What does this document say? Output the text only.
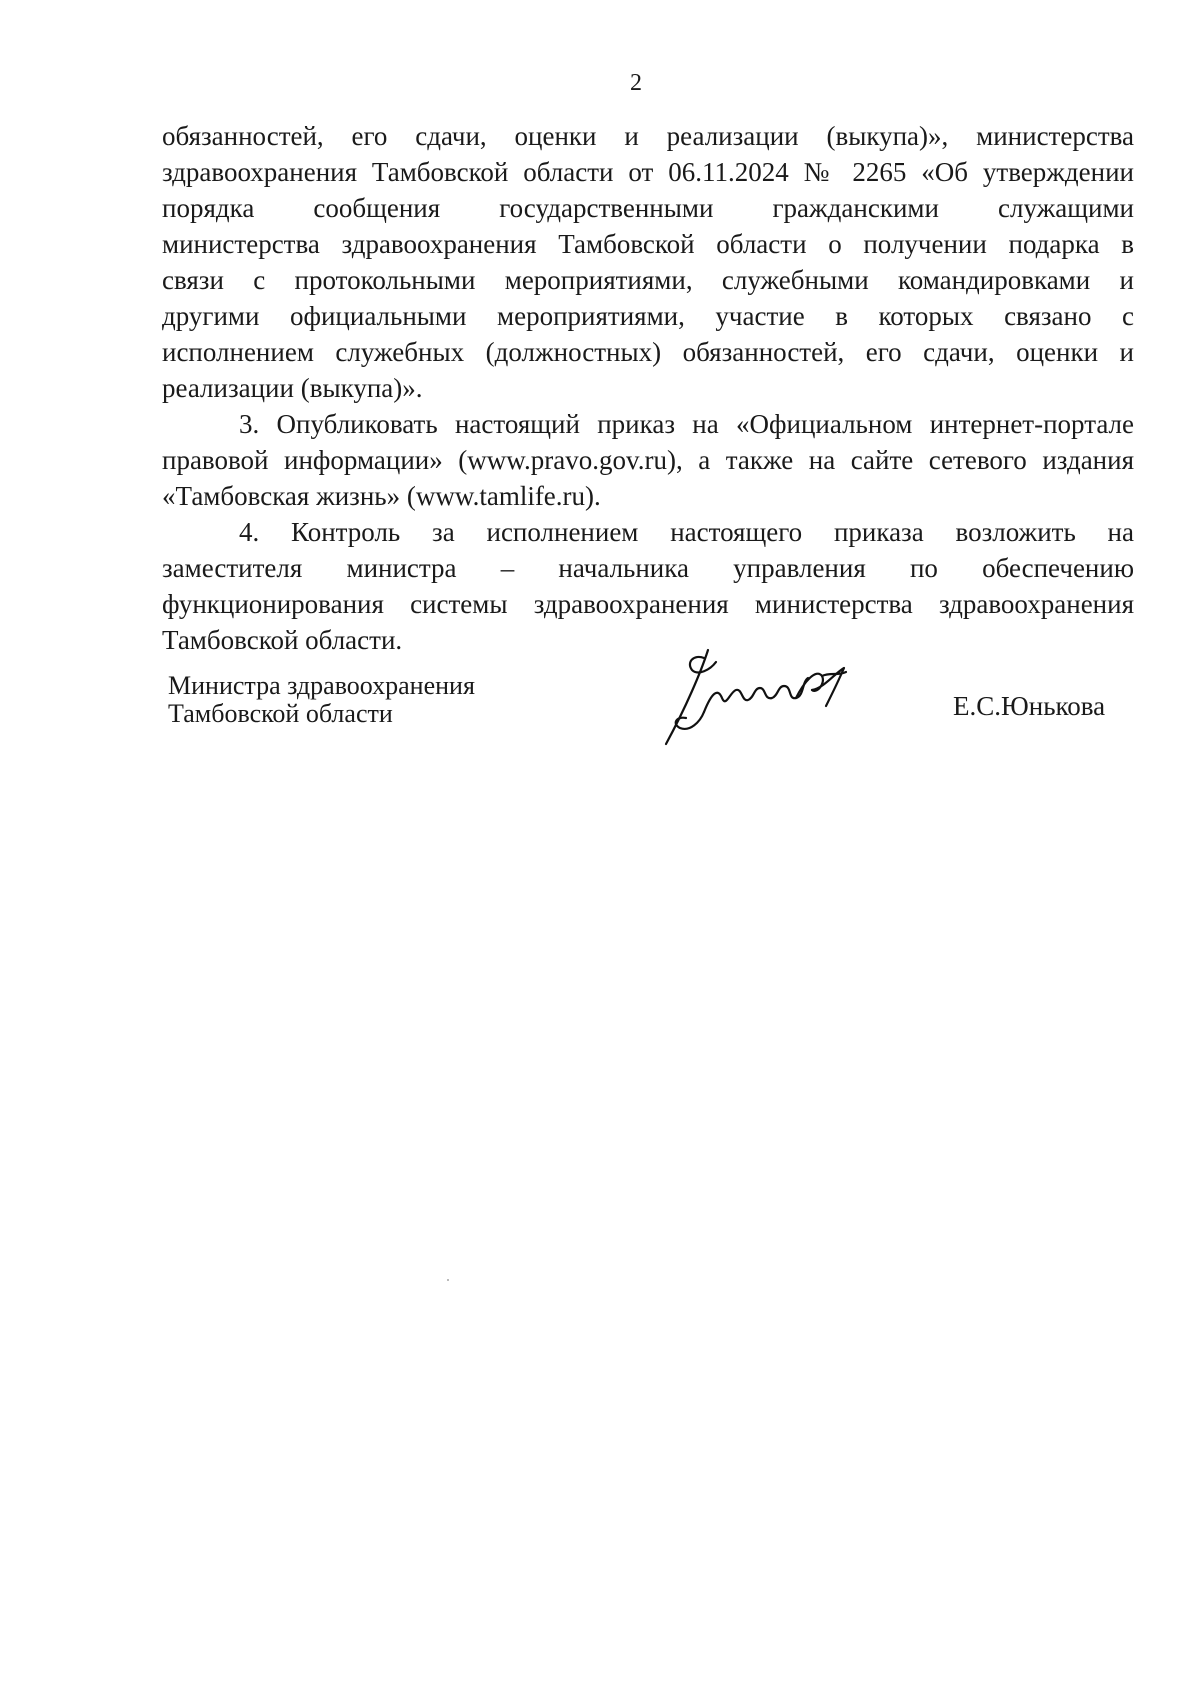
2
обязанностей, его сдачи, оценки и реализации (выкупа)», министерства
здравоохранения Тамбовской области от 06.11.2024 № 2265 «Об утверждении
порядка сообщения государственными гражданскими служащими
министерства здравоохранения Тамбовской области о получении подарка в
связи с протокольными мероприятиями, служебными командировками и
другими официальными мероприятиями, участие в которых связано с
исполнением служебных (должностных) обязанностей, его сдачи, оценки и
реализации (выкупа)».
3. Опубликовать настоящий приказ на «Официальном интернет-портале
правовой информации» (www.pravo.gov.ru), а также на сайте сетевого издания
«Тамбовская жизнь» (www.tamlife.ru).
4. Контроль за исполнением настоящего приказа возложить на
заместителя министра – начальника управления по обеспечению
функционирования системы здравоохранения министерства здравоохранения
Тамбовской области.
Министра здравоохранения
Тамбовской области	Е.С.Юнькова
